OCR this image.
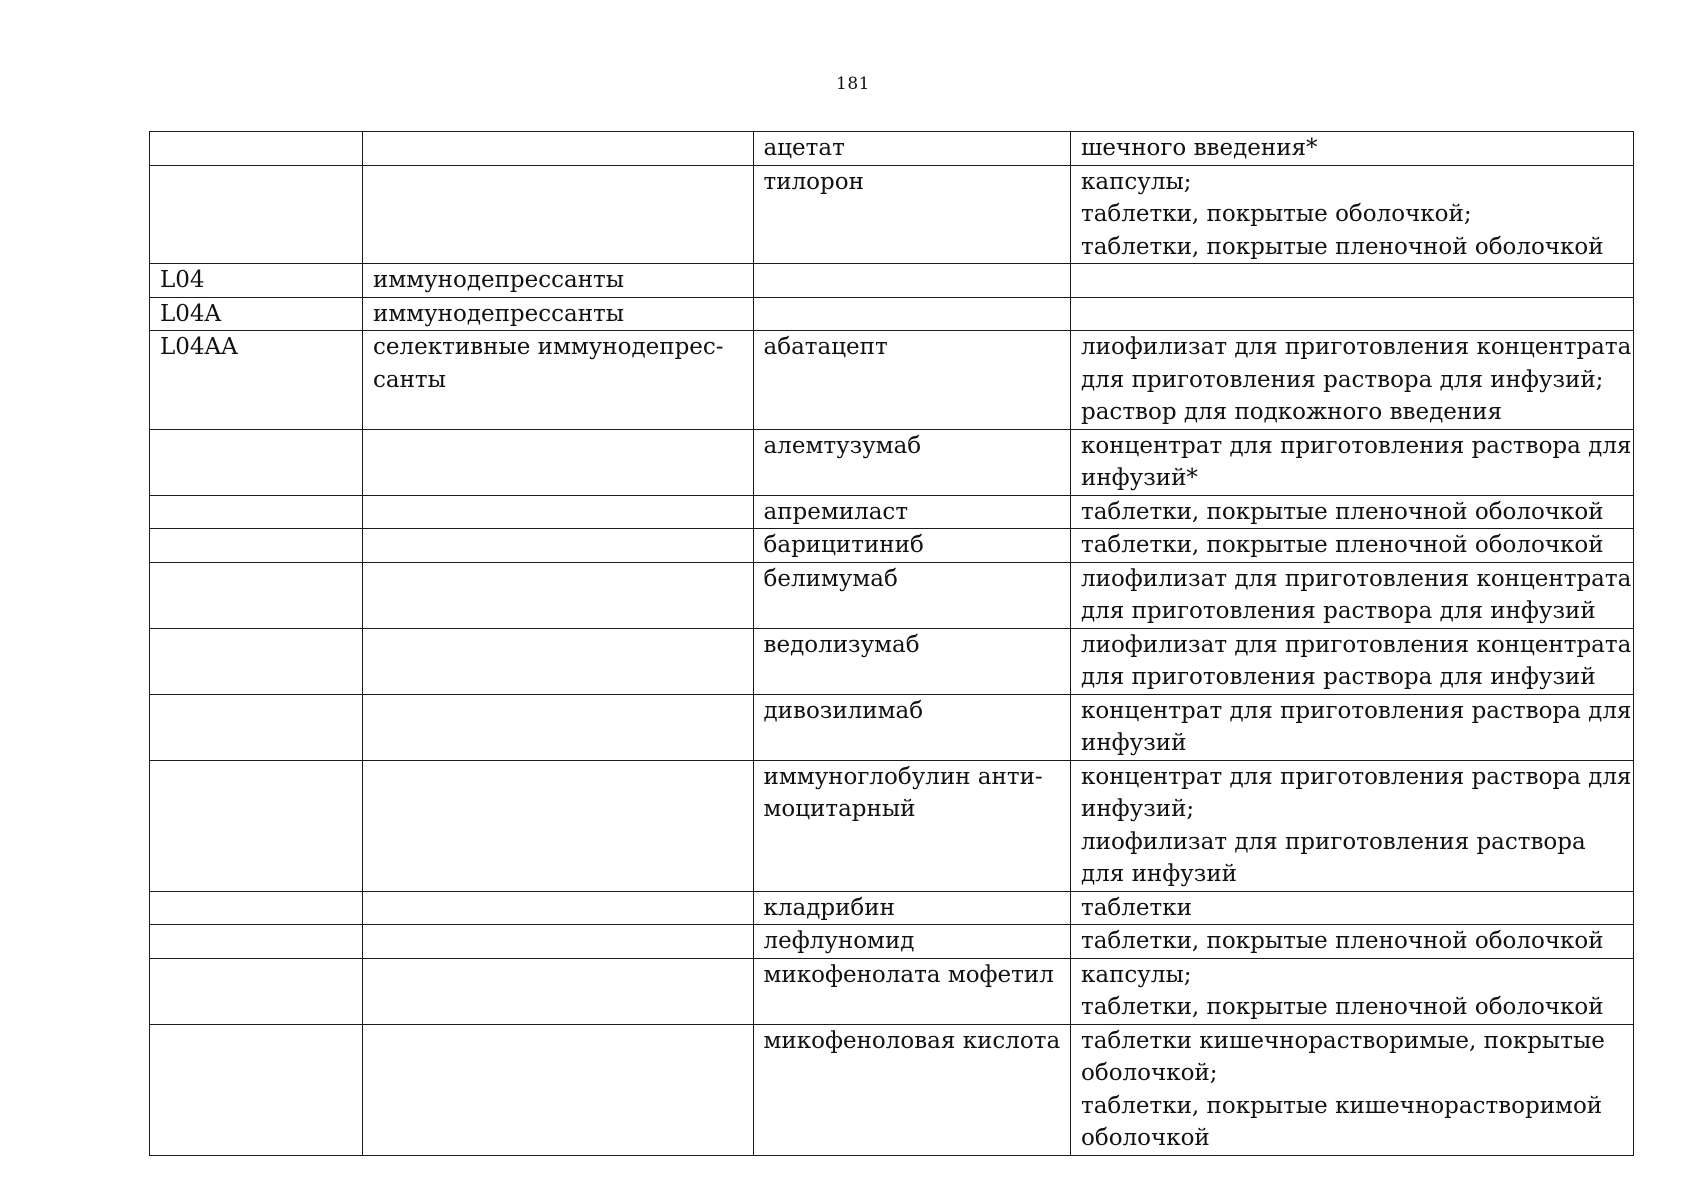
181

		ацетат	шечного введения*

		тилорон	капсулы;
таблетки, покрытые оболочкой;
таблетки, покрытые пленочной оболочкой

L04	иммунодепрессанты		

L04A	иммунодепрессанты		

L04AA	селективные иммунодепрес-
санты	абатацепт	лиофилизат для приготовления концентрата
для приготовления раствора для инфузий;
раствор для подкожного введения

		алемтузумаб	концентрат для приготовления раствора для
инфузий*

		апремиласт	таблетки, покрытые пленочной оболочкой

		барицитиниб	таблетки, покрытые пленочной оболочкой

		белимумаб	лиофилизат для приготовления концентрата
для приготовления раствора для инфузий

		ведолизумаб	лиофилизат для приготовления концентрата
для приготовления раствора для инфузий

		дивозилимаб	концентрат для приготовления раствора для
инфузий

		иммуноглобулин анти-
моцитарный	концентрат для приготовления раствора для
инфузий;
лиофилизат для приготовления раствора
для инфузий

		кладрибин	таблетки

		лефлуномид	таблетки, покрытые пленочной оболочкой

		микофенолата мофетил	капсулы;
таблетки, покрытые пленочной оболочкой

		микофеноловая кислота	таблетки кишечнорастворимые, покрытые
оболочкой;
таблетки, покрытые кишечнорастворимой
оболочкой
